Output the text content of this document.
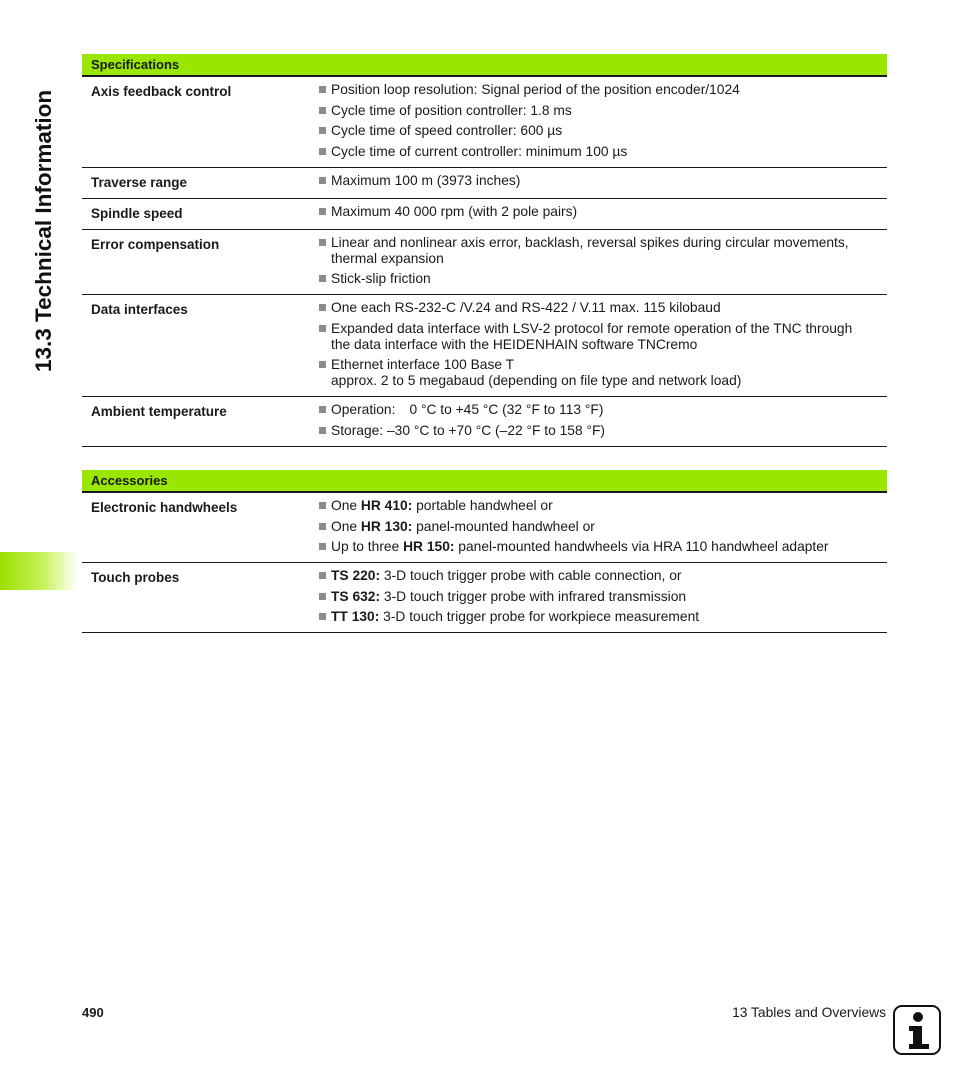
13.3 Technical Information
Specifications
Axis feedback control	Position loop resolution: Signal period of the position encoder/1024
Cycle time of position controller: 1.8 ms
Cycle time of speed controller: 600 µs
Cycle time of current controller: minimum 100 µs
Traverse range	Maximum 100 m (3973 inches)
Spindle speed	Maximum 40 000 rpm (with 2 pole pairs)
Error compensation	Linear and nonlinear axis error, backlash, reversal spikes during circular movements,
thermal expansion
Stick-slip friction
Data interfaces	One each RS-232-C /V.24 and RS-422 / V.11 max. 115 kilobaud
Expanded data interface with LSV-2 protocol for remote operation of the TNC through
the data interface with the HEIDENHAIN software TNCremo
Ethernet interface 100 Base T
approx. 2 to 5 megabaud (depending on file type and network load)
Ambient temperature	Operation: 0 °C to +45 °C (32 °F to 113 °F)
Storage: –30 °C to +70 °C (–22 °F to 158 °F)
Accessories
Electronic handwheels	One HR 410: portable handwheel or
One HR 130: panel-mounted handwheel or
Up to three HR 150: panel-mounted handwheels via HRA 110 handwheel adapter
Touch probes	TS 220: 3-D touch trigger probe with cable connection, or
TS 632: 3-D touch trigger probe with infrared transmission
TT 130: 3-D touch trigger probe for workpiece measurement
490	13 Tables and Overviews
